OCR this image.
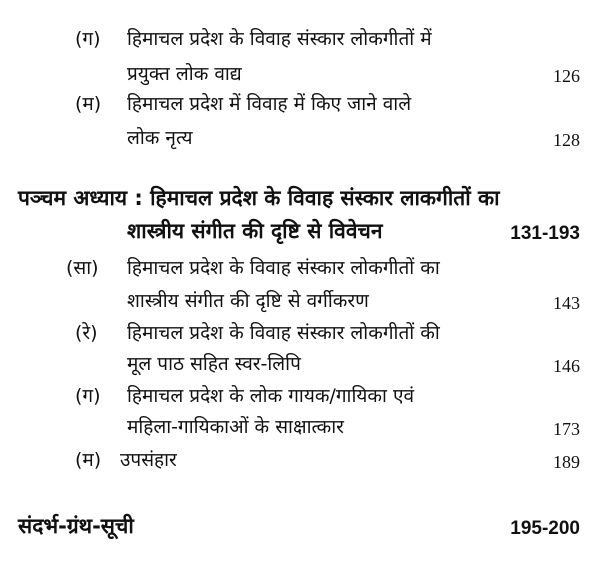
(ग) हिमाचल प्रदेश के विवाह संस्कार लोकगीतों में
प्रयुक्त लोक वाद्य	126
(म) हिमाचल प्रदेश में विवाह में किए जाने वाले
लोक नृत्य	128
पञ्चम अध्याय : हिमाचल प्रदेश के विवाह संस्कार लाकगीतों का
शास्त्रीय संगीत की दृष्टि से विवेचन	131-193
(सा) हिमाचल प्रदेश के विवाह संस्कार लोकगीतों का
शास्त्रीय संगीत की दृष्टि से वर्गीकरण	143
(रे) हिमाचल प्रदेश के विवाह संस्कार लोकगीतों की
मूल पाठ सहित स्वर-लिपि	146
(ग) हिमाचल प्रदेश के लोक गायक/गायिका एवं
महिला-गायिकाओं के साक्षात्कार	173
(म) उपसंहार	189
संदर्भ-ग्रंथ-सूची	195-200
